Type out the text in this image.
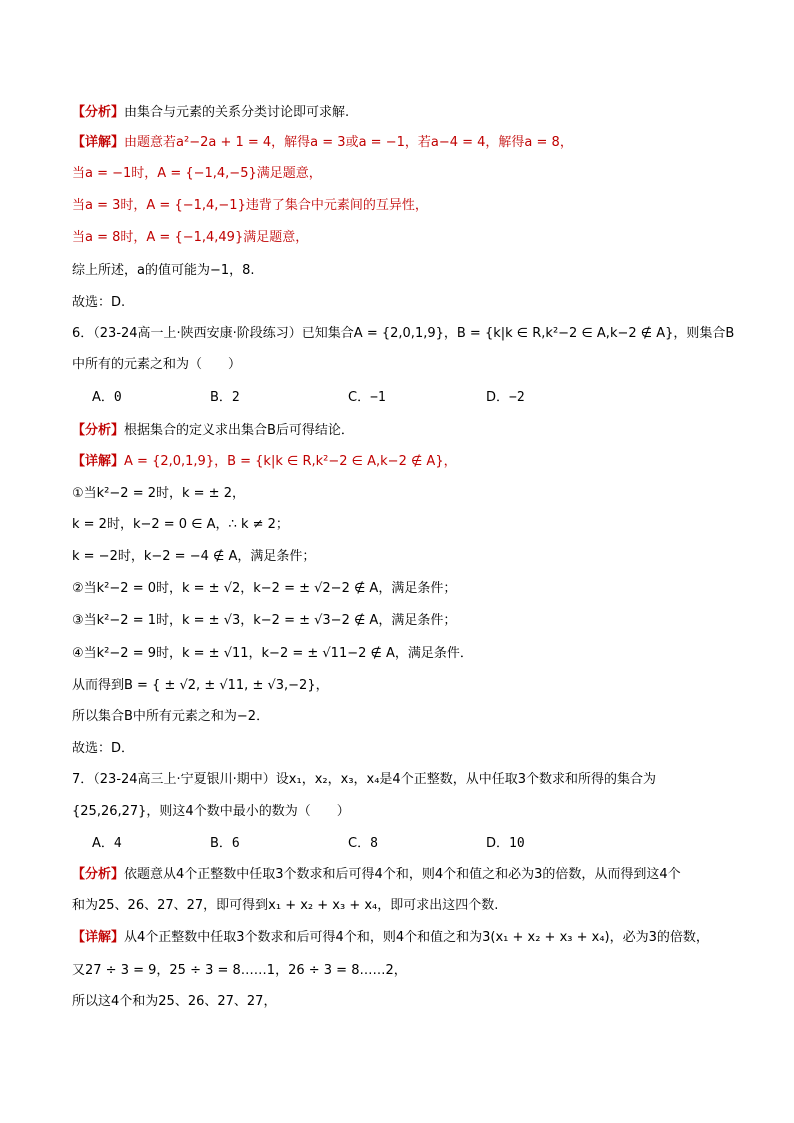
【分析】由集合与元素的关系分类讨论即可求解.
【详解】由题意若a²−2a + 1 = 4，解得a = 3或a = −1，若a−4 = 4，解得a = 8，
当a = −1时，A = {−1,4,−5}满足题意，
当a = 3时，A = {−1,4,−1}违背了集合中元素间的互异性，
当a = 8时，A = {−1,4,49}满足题意，
综上所述，a的值可能为−1，8.
故选：D.
6．（23-24高一上·陕西安康·阶段练习）已知集合A = {2,0,1,9}，B = {k|k ∈ R,k²−2 ∈ A,k−2 ∉ A}，则集合B
中所有的元素之和为（　　）
A．0	B．2	C．−1	D．−2
【分析】根据集合的定义求出集合B后可得结论．
【详解】A = {2,0,1,9}，B = {k|k ∈ R,k²−2 ∈ A,k−2 ∉ A}，
①当k²−2 = 2时，k = ± 2，
k = 2时，k−2 = 0 ∈ A，∴ k ≠ 2；
k = −2时，k−2 = −4 ∉ A，满足条件；
②当k²−2 = 0时，k = ± √2，k−2 = ± √2−2 ∉ A，满足条件；
③当k²−2 = 1时，k = ± √3，k−2 = ± √3−2 ∉ A，满足条件；
④当k²−2 = 9时，k = ± √11，k−2 = ± √11−2 ∉ A，满足条件．
从而得到B = { ± √2, ± √11, ± √3,−2}，
所以集合B中所有元素之和为−2．
故选：D．
7．（23-24高三上·宁夏银川·期中）设x₁，x₂，x₃，x₄是4个正整数，从中任取3个数求和所得的集合为
{25,26,27}，则这4个数中最小的数为（　　）
A．4	B．6	C．8	D．10
【分析】依题意从4个正整数中任取3个数求和后可得4个和，则4个和值之和必为3的倍数，从而得到这4个
和为25、26、27、27，即可得到x₁ + x₂ + x₃ + x₄，即可求出这四个数.
【详解】从4个正整数中任取3个数求和后可得4个和，则4个和值之和为3(x₁ + x₂ + x₃ + x₄)，必为3的倍数，
又27 ÷ 3 = 9，25 ÷ 3 = 8……1，26 ÷ 3 = 8……2，
所以这4个和为25、26、27、27，
